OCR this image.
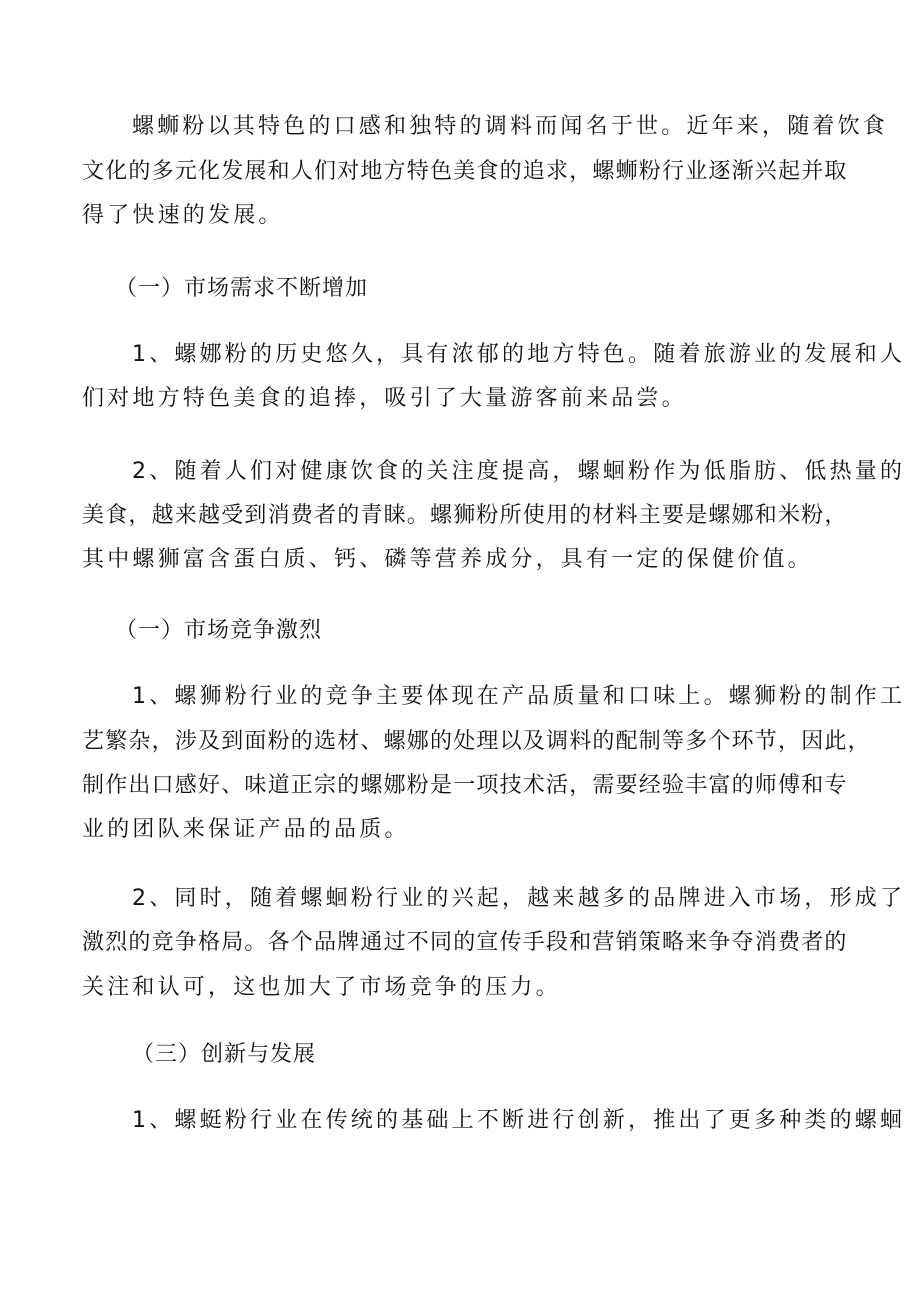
螺蛳粉以其特色的口感和独特的调料而闻名于世。近年来，随着饮食
文化的多元化发展和人们对地方特色美食的追求，螺蛳粉行业逐渐兴起并取
得了快速的发展。
（一）市场需求不断增加
1、螺娜粉的历史悠久，具有浓郁的地方特色。随着旅游业的发展和人
们对地方特色美食的追捧，吸引了大量游客前来品尝。
2、随着人们对健康饮食的关注度提高，螺蛔粉作为低脂肪、低热量的
美食，越来越受到消费者的青睐。螺狮粉所使用的材料主要是螺娜和米粉，
其中螺狮富含蛋白质、钙、磷等营养成分，具有一定的保健价值。
（一）市场竞争激烈
1、螺狮粉行业的竞争主要体现在产品质量和口味上。螺狮粉的制作工
艺繁杂，涉及到面粉的选材、螺娜的处理以及调料的配制等多个环节，因此，
制作出口感好、味道正宗的螺娜粉是一项技术活，需要经验丰富的师傅和专
业的团队来保证产品的品质。
2、同时，随着螺蛔粉行业的兴起，越来越多的品牌进入市场，形成了
激烈的竞争格局。各个品牌通过不同的宣传手段和营销策略来争夺消费者的
关注和认可，这也加大了市场竞争的压力。
（三）创新与发展
1、螺蜓粉行业在传统的基础上不断进行创新，推出了更多种类的螺蛔
